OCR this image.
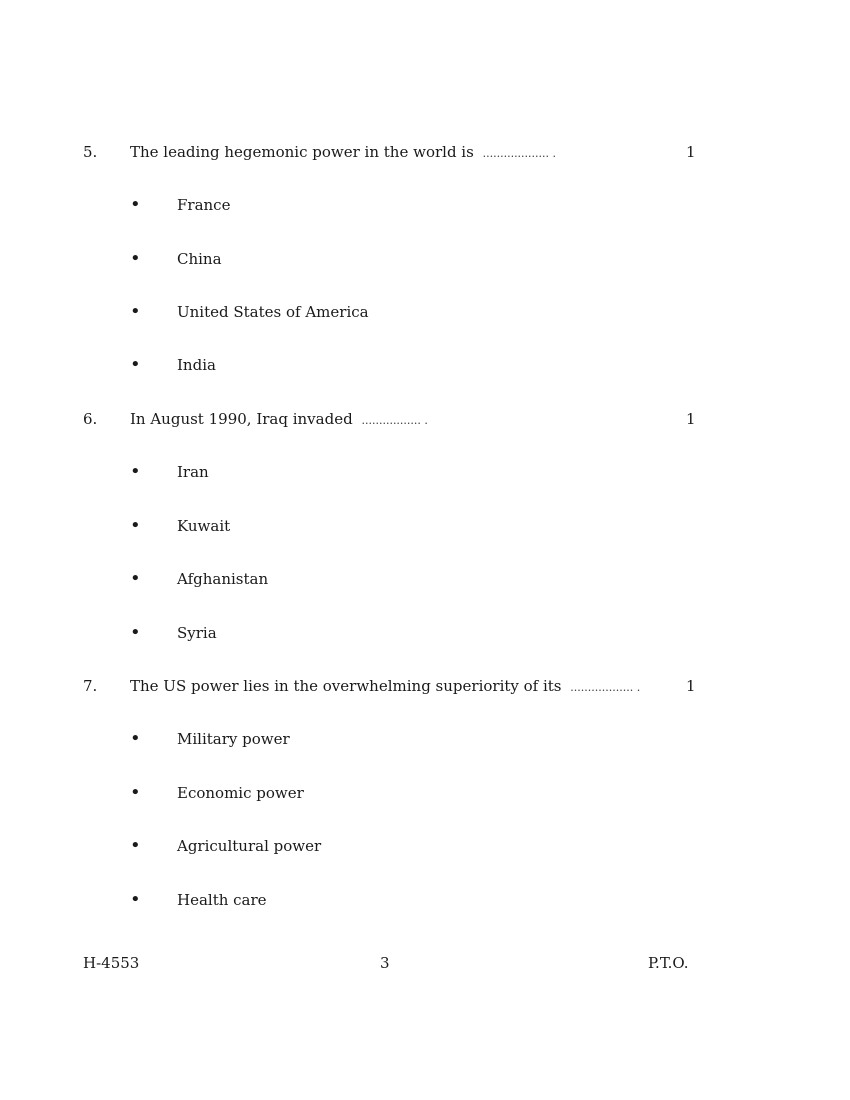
5. The leading hegemonic power in the world is ................... .	1
• France
• China
• United States of America
• India
6. In August 1990, Iraq invaded ................. .	1
• Iran
• Kuwait
• Afghanistan
• Syria
7. The US power lies in the overwhelming superiority of its .................. .	1
• Military power
• Economic power
• Agricultural power
• Health care
H-4553	3	P.T.O.
